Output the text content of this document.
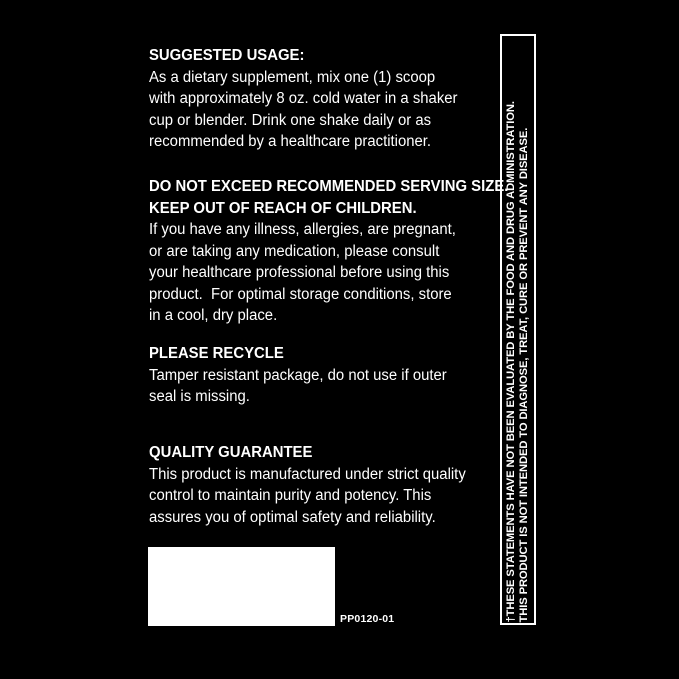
SUGGESTED USAGE:

As a dietary supplement, mix one (1) scoop

with approximately 8 oz. cold water in a shaker

cup or blender. Drink one shake daily or as

recommended by a healthcare practitioner.

DO NOT EXCEED RECOMMENDED SERVING SIZE.

KEEP OUT OF REACH OF CHILDREN.

If you have any illness, allergies, are pregnant,

or are taking any medication, please consult

your healthcare professional before using this

product.  For optimal storage conditions, store

in a cool, dry place.

PLEASE RECYCLE

Tamper resistant package, do not use if outer

seal is missing.

QUALITY GUARANTEE

This product is manufactured under strict quality

control to maintain purity and potency. This

assures you of optimal safety and reliability.

PP0120-01	†THESE STATEMENTS HAVE NOT BEEN EVALUATED BY THE FOOD AND DRUG ADMINISTRATION. THIS PRODUCT IS NOT INTENDED TO DIAGNOSE, TREAT, CURE OR PREVENT ANY DISEASE.
